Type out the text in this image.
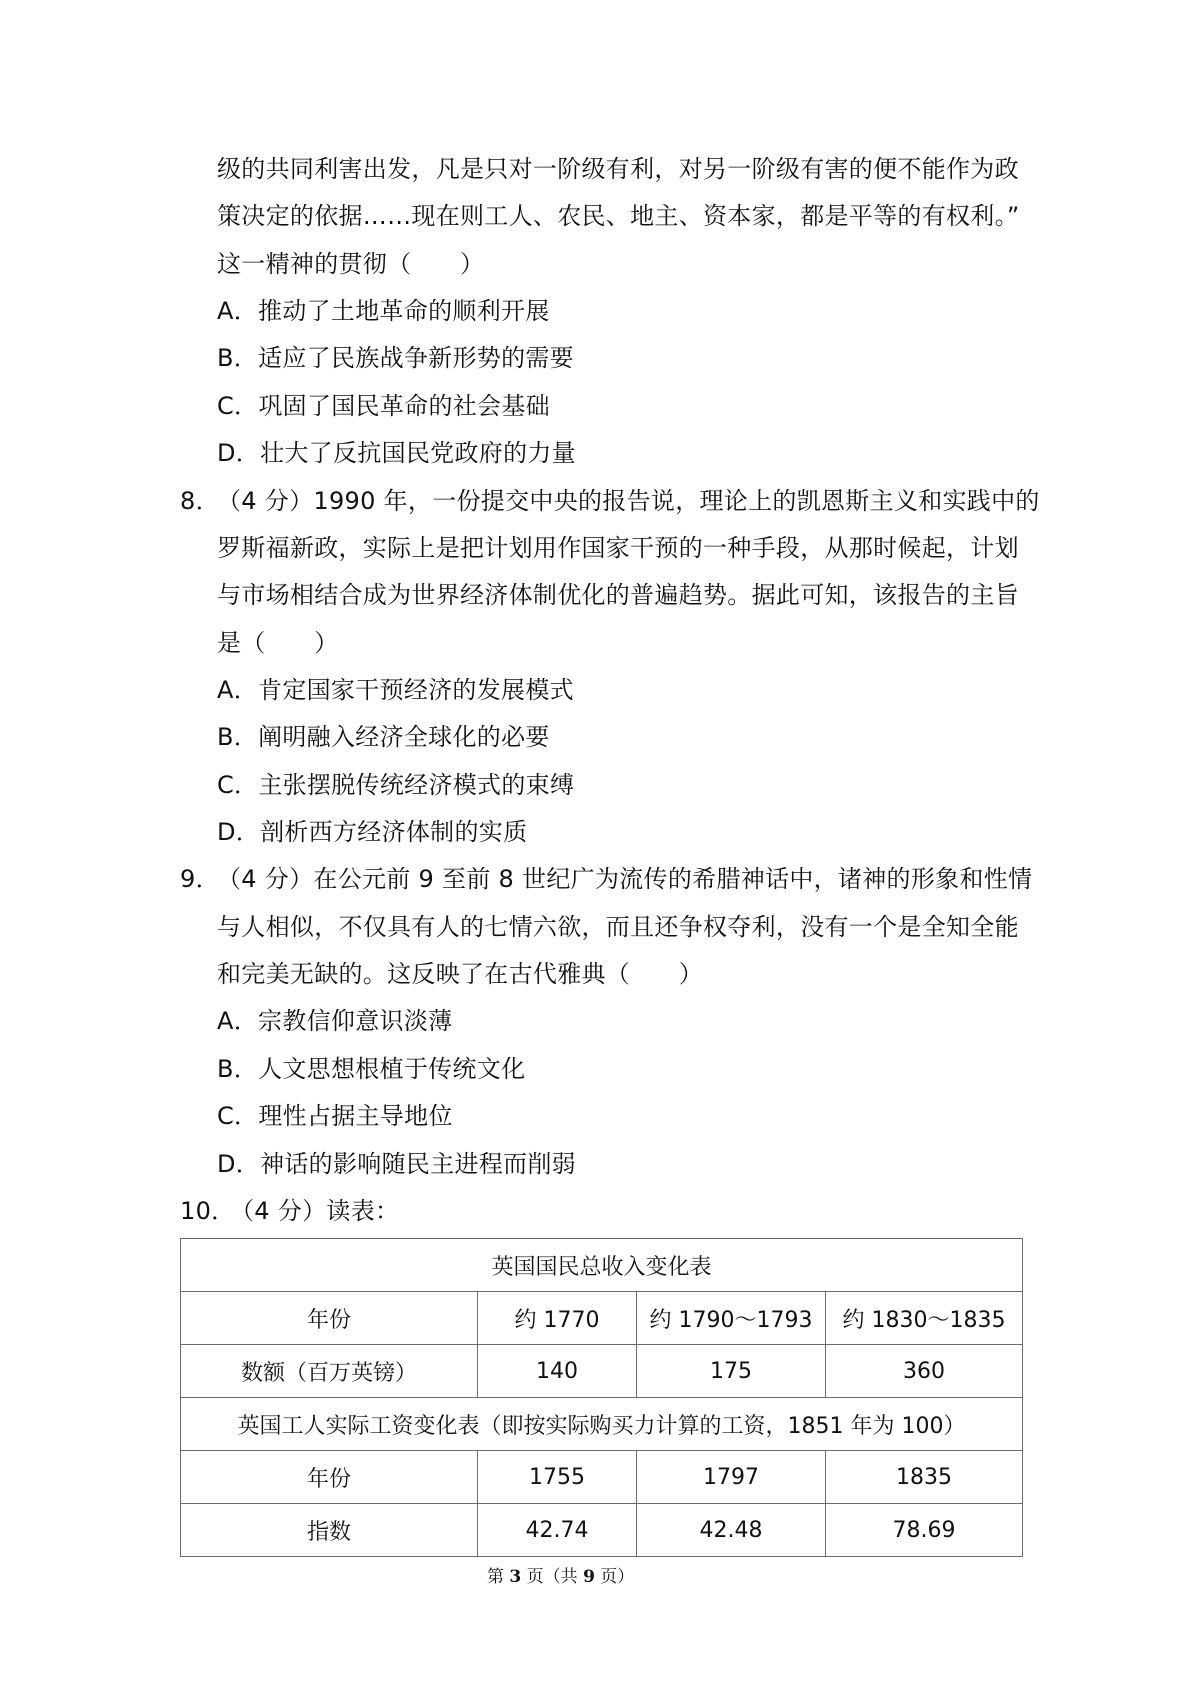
级的共同利害出发，凡是只对一阶级有利，对另一阶级有害的便不能作为政
策决定的依据……现在则工人、农民、地主、资本家，都是平等的有权利。”
这一精神的贯彻（　　）
A．推动了土地革命的顺利开展
B．适应了民族战争新形势的需要
C．巩固了国民革命的社会基础
D．壮大了反抗国民党政府的力量
8．
（4 分）1990 年，一份提交中央的报告说，理论上的凯恩斯主义和实践中的
罗斯福新政，实际上是把计划用作国家干预的一种手段，从那时候起，计划
与市场相结合成为世界经济体制优化的普遍趋势。据此可知，该报告的主旨
是（　　）
A．肯定国家干预经济的发展模式
B．阐明融入经济全球化的必要
C．主张摆脱传统经济模式的束缚
D．剖析西方经济体制的实质
9．
（4 分）在公元前 9 至前 8 世纪广为流传的希腊神话中，诸神的形象和性情
与人相似，不仅具有人的七情六欲，而且还争权夺利，没有一个是全知全能
和完美无缺的。这反映了在古代雅典（　　）
A．宗教信仰意识淡薄
B．人文思想根植于传统文化
C．理性占据主导地位
D．神话的影响随民主进程而削弱
10．
（4 分）读表：
英国国民总收入变化表			
年份	约 1770	约 1790～1793	约 1830～1835
数额（百万英镑）	140	175	360
英国工人实际工资变化表（即按实际购买力计算的工资，1851 年为 100）			
年份	1755	1797	1835
指数	42.74	42.48	78.69
第 3 页（共 9 页）
